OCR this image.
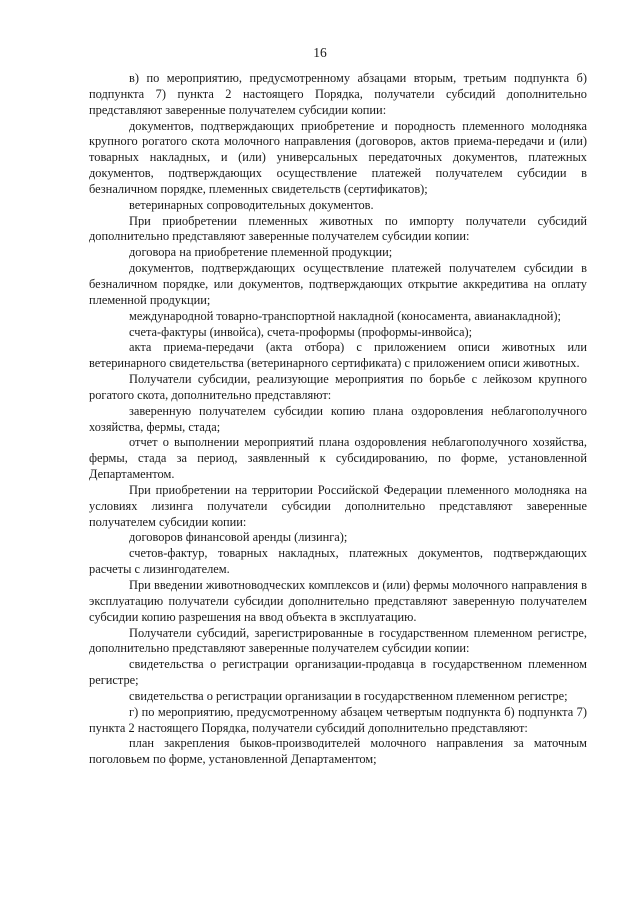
16

в) по мероприятию, предусмотренному абзацами вторым, третьим подпункта б) подпункта 7) пункта 2 настоящего Порядка, получатели субсидий дополнительно представляют заверенные получателем субсидии копии:

документов, подтверждающих приобретение и породность племенного молодняка крупного рогатого скота молочного направления (договоров, актов приема-передачи и (или) товарных накладных, и (или) универсальных передаточных документов, платежных документов, подтверждающих осуществление платежей получателем субсидии в безналичном порядке, племенных свидетельств (сертификатов);

ветеринарных сопроводительных документов.

При приобретении племенных животных по импорту получатели субсидий дополнительно представляют заверенные получателем субсидии копии:

договора на приобретение племенной продукции;

документов, подтверждающих осуществление платежей получателем субсидии в безналичном порядке, или документов, подтверждающих открытие аккредитива на оплату племенной продукции;

международной товарно-транспортной накладной (коносамента, авианакладной);

счета-фактуры (инвойса), счета-проформы (проформы-инвойса);

акта приема-передачи (акта отбора) с приложением описи животных или ветеринарного свидетельства (ветеринарного сертификата) с приложением описи животных.

Получатели субсидии, реализующие мероприятия по борьбе с лейкозом крупного рогатого скота, дополнительно представляют:

заверенную получателем субсидии копию плана оздоровления неблагополучного хозяйства, фермы, стада;

отчет о выполнении мероприятий плана оздоровления неблагополучного хозяйства, фермы, стада за период, заявленный к субсидированию, по форме, установленной Департаментом.

При приобретении на территории Российской Федерации племенного молодняка на условиях лизинга получатели субсидии дополнительно представляют заверенные получателем субсидии копии:

договоров финансовой аренды (лизинга);

счетов-фактур, товарных накладных, платежных документов, подтверждающих расчеты с лизингодателем.

При введении животноводческих комплексов и (или) фермы молочного направления в эксплуатацию получатели субсидии дополнительно представляют заверенную получателем субсидии копию разрешения на ввод объекта в эксплуатацию.

Получатели субсидий, зарегистрированные в государственном племенном регистре, дополнительно представляют заверенные получателем субсидии копии:

свидетельства о регистрации организации-продавца в государственном племенном регистре;

свидетельства о регистрации организации в государственном племенном регистре;

г) по мероприятию, предусмотренному абзацем четвертым подпункта б) подпункта 7) пункта 2 настоящего Порядка, получатели субсидий дополнительно представляют:

план закрепления быков-производителей молочного направления за маточным поголовьем по форме, установленной Департаментом;
